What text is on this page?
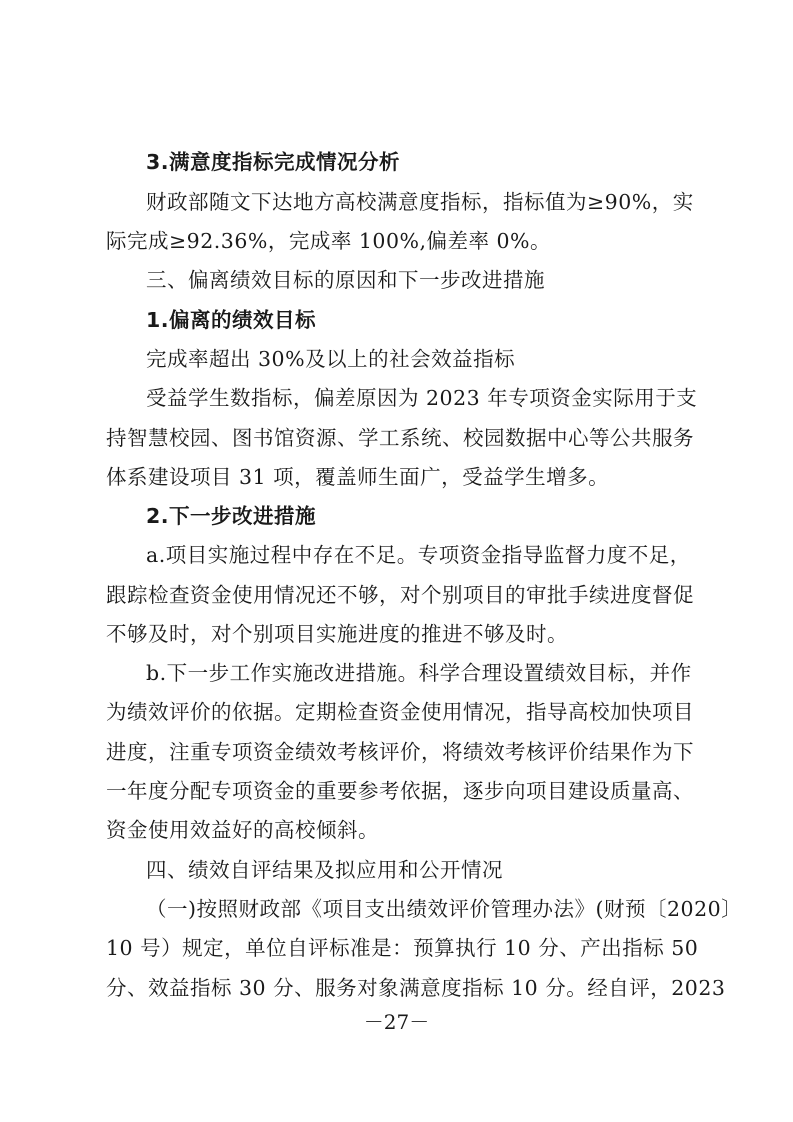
3.满意度指标完成情况分析
财政部随文下达地方高校满意度指标，指标值为≥90%，实
际完成≥92.36%，完成率 100%,偏差率 0%。
三、偏离绩效目标的原因和下一步改进措施
1.偏离的绩效目标
完成率超出 30%及以上的社会效益指标
受益学生数指标，偏差原因为 2023 年专项资金实际用于支
持智慧校园、图书馆资源、学工系统、校园数据中心等公共服务
体系建设项目 31 项，覆盖师生面广，受益学生增多。
2.下一步改进措施
a.项目实施过程中存在不足。专项资金指导监督力度不足，
跟踪检查资金使用情况还不够，对个别项目的审批手续进度督促
不够及时，对个别项目实施进度的推进不够及时。
b.下一步工作实施改进措施。科学合理设置绩效目标，并作
为绩效评价的依据。定期检查资金使用情况，指导高校加快项目
进度，注重专项资金绩效考核评价，将绩效考核评价结果作为下
一年度分配专项资金的重要参考依据，逐步向项目建设质量高、
资金使用效益好的高校倾斜。
四、绩效自评结果及拟应用和公开情况
（一)按照财政部《项目支出绩效评价管理办法》(财预〔2020〕
10 号）规定，单位自评标准是：预算执行 10 分、产出指标 50
分、效益指标 30 分、服务对象满意度指标 10 分。经自评，2023
－27－
